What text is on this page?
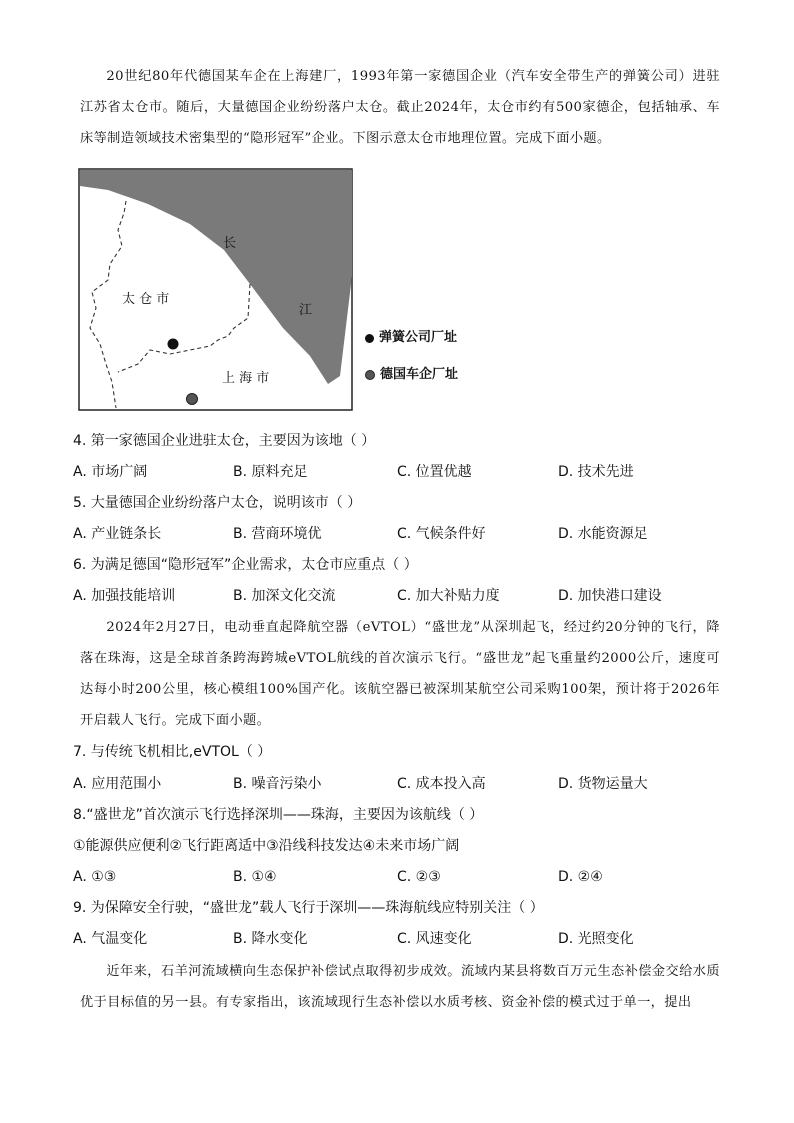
20世纪80年代德国某车企在上海建厂，1993年第一家德国企业（汽车安全带生产的弹簧公司）进驻江苏省太仓市。随后，大量德国企业纷纷落户太仓。截止2024年，太仓市约有500家德企，包括轴承、车床等制造领域技术密集型的“隐形冠军”企业。下图示意太仓市地理位置。完成下面小题。

长
江
太 仓 市
上 海 市
弹簧公司厂址
德国车企厂址
4. 第一家德国企业进驻太仓，主要因为该地（ ）
A. 市场广阔	B. 原料充足	C. 位置优越	D. 技术先进
5. 大量德国企业纷纷落户太仓，说明该市（ ）
A. 产业链条长	B. 营商环境优	C. 气候条件好	D. 水能资源足
6. 为满足德国“隐形冠军”企业需求，太仓市应重点（ ）
A. 加强技能培训	B. 加深文化交流	C. 加大补贴力度	D. 加快港口建设

2024年2月27日，电动垂直起降航空器（eVTOL）“盛世龙”从深圳起飞，经过约20分钟的飞行，降落在珠海，这是全球首条跨海跨城eVTOL航线的首次演示飞行。“盛世龙”起飞重量约2000公斤，速度可达每小时200公里，核心模组100%国产化。该航空器已被深圳某航空公司采购100架，预计将于2026年开启载人飞行。完成下面小题。

7. 与传统飞机相比,eVTOL（ ）
A. 应用范围小	B. 噪音污染小	C. 成本投入高	D. 货物运量大
8.“盛世龙”首次演示飞行选择深圳——珠海，主要因为该航线（ ）
①能源供应便利②飞行距离适中③沿线科技发达④未来市场广阔
A. ①③	B. ①④	C. ②③	D. ②④
9. 为保障安全行驶，“盛世龙”载人飞行于深圳——珠海航线应特别关注（ ）
A. 气温变化	B. 降水变化	C. 风速变化	D. 光照变化

近年来，石羊河流域横向生态保护补偿试点取得初步成效。流域内某县将数百万元生态补偿金交给水质优于目标值的另一县。有专家指出，该流域现行生态补偿以水质考核、资金补偿的模式过于单一，提出
